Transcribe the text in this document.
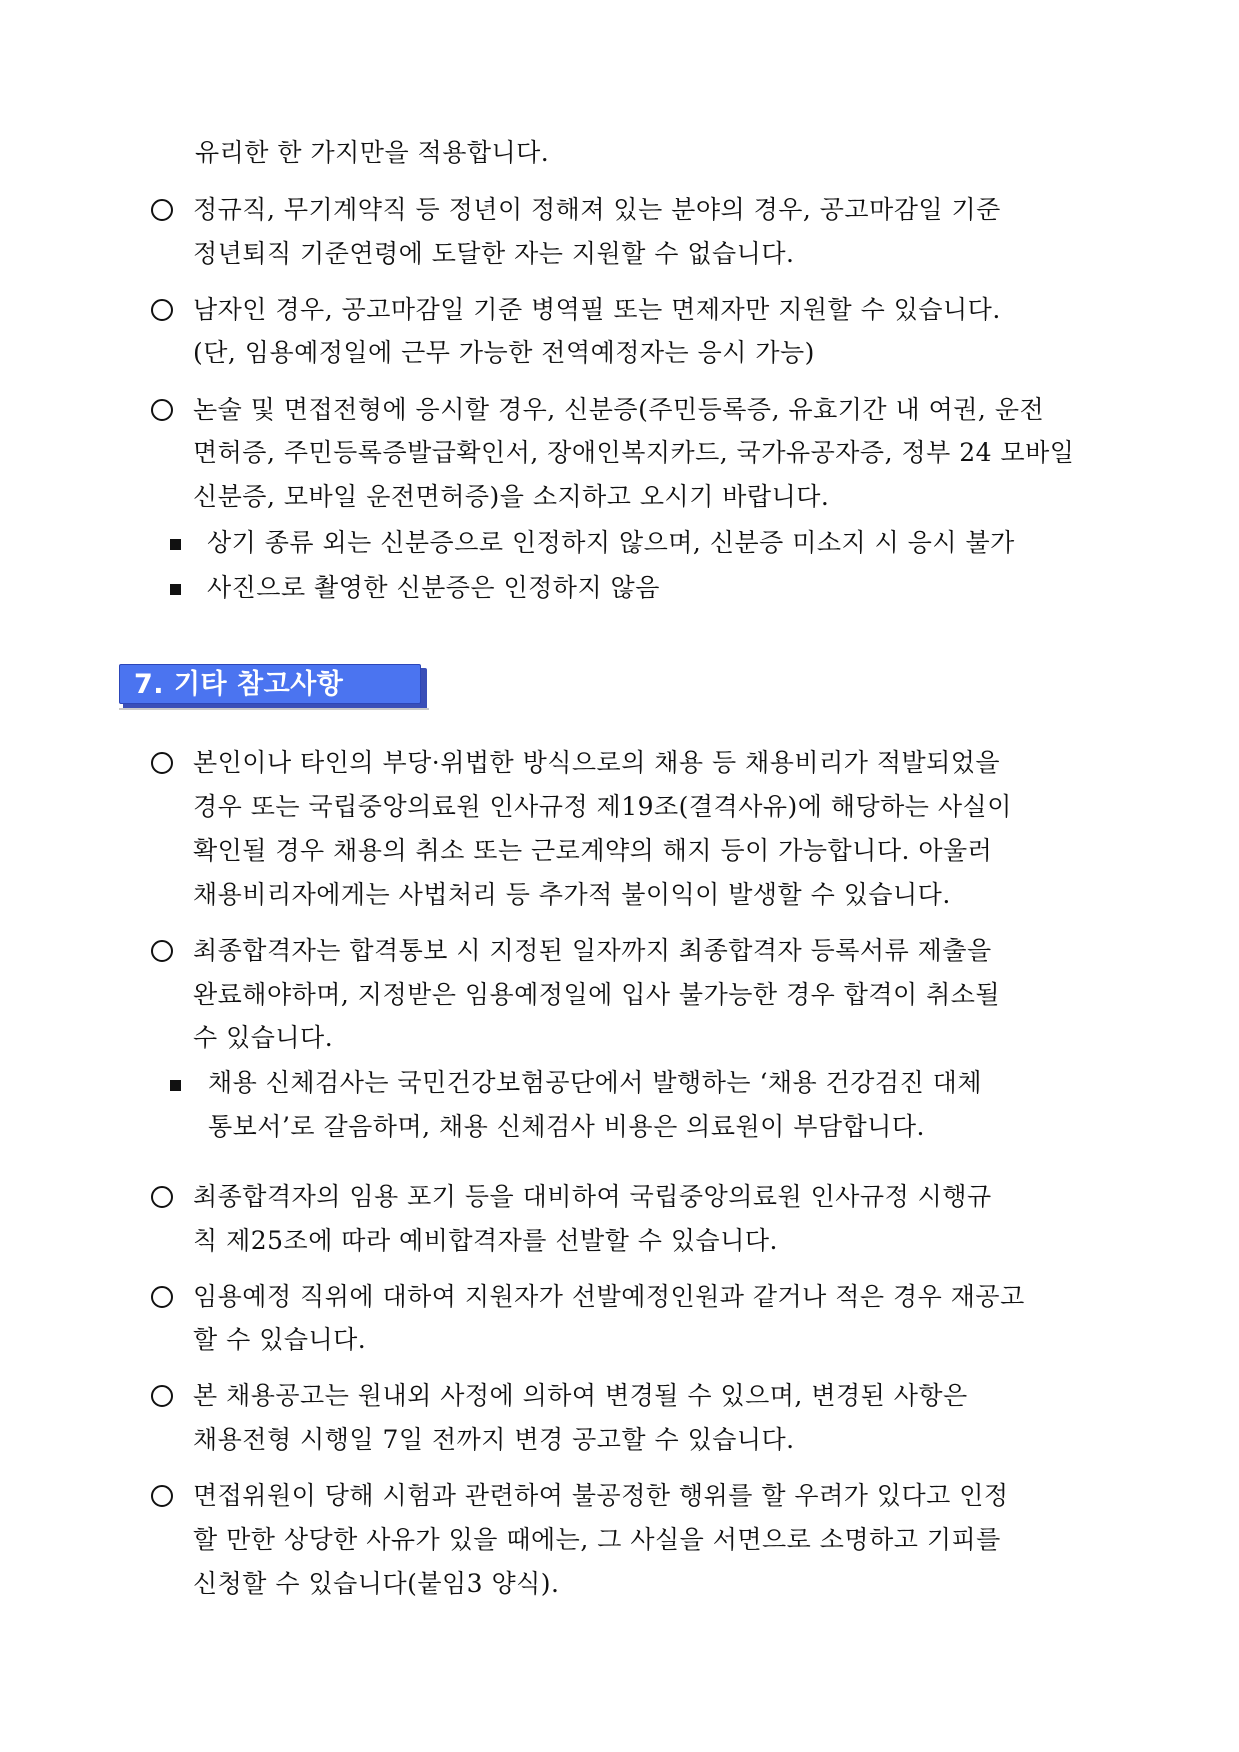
유리한 한 가지만을 적용합니다.
정규직, 무기계약직 등 정년이 정해져 있는 분야의 경우, 공고마감일 기준
정년퇴직 기준연령에 도달한 자는 지원할 수 없습니다.
남자인 경우, 공고마감일 기준 병역필 또는 면제자만 지원할 수 있습니다.
(단, 임용예정일에 근무 가능한 전역예정자는 응시 가능)
논술 및 면접전형에 응시할 경우, 신분증(주민등록증, 유효기간 내 여권, 운전
면허증, 주민등록증발급확인서, 장애인복지카드, 국가유공자증, 정부 24 모바일
신분증, 모바일 운전면허증)을 소지하고 오시기 바랍니다.
상기 종류 외는 신분증으로 인정하지 않으며, 신분증 미소지 시 응시 불가
사진으로 촬영한 신분증은 인정하지 않음
7. 기타 참고사항
본인이나 타인의 부당·위법한 방식으로의 채용 등 채용비리가 적발되었을
경우 또는 국립중앙의료원 인사규정 제19조(결격사유)에 해당하는 사실이
확인될 경우 채용의 취소 또는 근로계약의 해지 등이 가능합니다. 아울러
채용비리자에게는 사법처리 등 추가적 불이익이 발생할 수 있습니다.
최종합격자는 합격통보 시 지정된 일자까지 최종합격자 등록서류 제출을
완료해야하며, 지정받은 임용예정일에 입사 불가능한 경우 합격이 취소될
수 있습니다.
채용 신체검사는 국민건강보험공단에서 발행하는 ‘채용 건강검진 대체
통보서’로 갈음하며, 채용 신체검사 비용은 의료원이 부담합니다.
최종합격자의 임용 포기 등을 대비하여 국립중앙의료원 인사규정 시행규
칙 제25조에 따라 예비합격자를 선발할 수 있습니다.
임용예정 직위에 대하여 지원자가 선발예정인원과 같거나 적은 경우 재공고
할 수 있습니다.
본 채용공고는 원내외 사정에 의하여 변경될 수 있으며, 변경된 사항은
채용전형 시행일 7일 전까지 변경 공고할 수 있습니다.
면접위원이 당해 시험과 관련하여 불공정한 행위를 할 우려가 있다고 인정
할 만한 상당한 사유가 있을 때에는, 그 사실을 서면으로 소명하고 기피를
신청할 수 있습니다(붙임3 양식).
